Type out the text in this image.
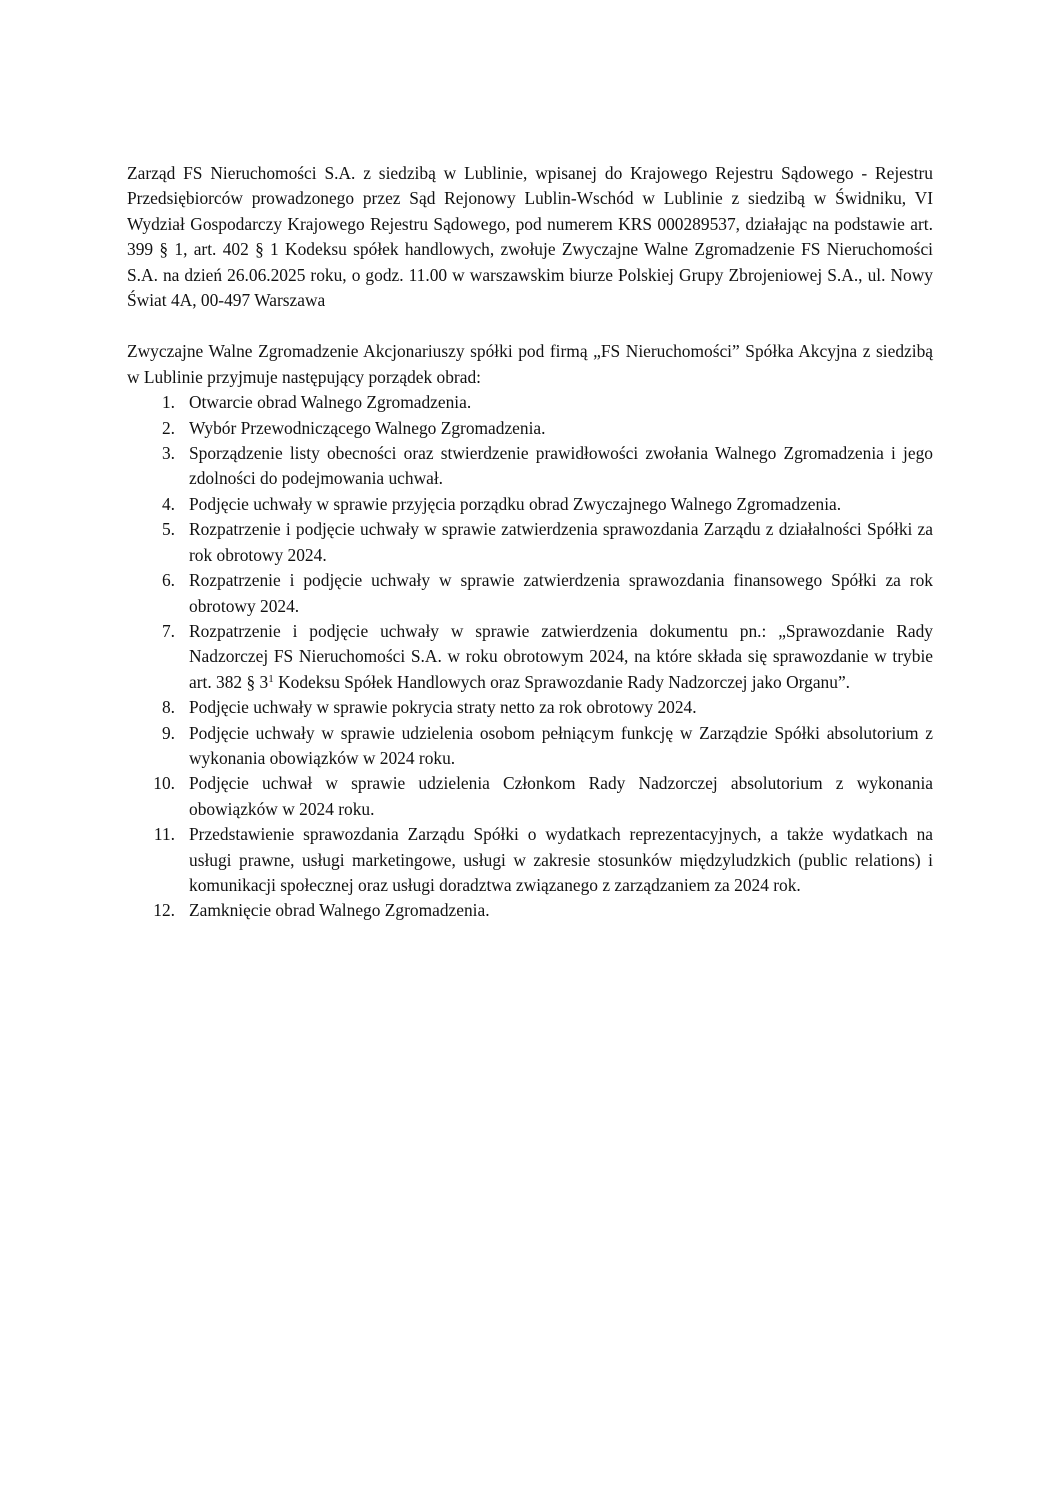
Zarząd FS Nieruchomości S.A. z siedzibą w Lublinie, wpisanej do Krajowego Rejestru Sądowego - Rejestru Przedsiębiorców prowadzonego przez Sąd Rejonowy Lublin-Wschód w Lublinie z siedzibą w Świdniku, VI Wydział Gospodarczy Krajowego Rejestru Sądowego, pod numerem KRS 000289537, działając na podstawie art. 399 § 1, art. 402 § 1 Kodeksu spółek handlowych, zwołuje Zwyczajne Walne Zgromadzenie FS Nieruchomości S.A. na dzień 26.06.2025 roku, o godz. 11.00 w warszawskim biurze Polskiej Grupy Zbrojeniowej S.A., ul. Nowy Świat 4A, 00-497 Warszawa

Zwyczajne Walne Zgromadzenie Akcjonariuszy spółki pod firmą „FS Nieruchomości” Spółka Akcyjna z siedzibą w Lublinie przyjmuje następujący porządek obrad:

1. Otwarcie obrad Walnego Zgromadzenia.
2. Wybór Przewodniczącego Walnego Zgromadzenia.
3. Sporządzenie listy obecności oraz stwierdzenie prawidłowości zwołania Walnego Zgromadzenia i jego zdolności do podejmowania uchwał.
4. Podjęcie uchwały w sprawie przyjęcia porządku obrad Zwyczajnego Walnego Zgromadzenia.
5. Rozpatrzenie i podjęcie uchwały w sprawie zatwierdzenia sprawozdania Zarządu z działalności Spółki za rok obrotowy 2024.
6. Rozpatrzenie i podjęcie uchwały w sprawie zatwierdzenia sprawozdania finansowego Spółki za rok obrotowy 2024.
7. Rozpatrzenie i podjęcie uchwały w sprawie zatwierdzenia dokumentu pn.: „Sprawozdanie Rady Nadzorczej FS Nieruchomości S.A. w roku obrotowym 2024, na które składa się sprawozdanie w trybie art. 382 § $3^1$ Kodeksu Spółek Handlowych oraz Sprawozdanie Rady Nadzorczej jako Organu”.
8. Podjęcie uchwały w sprawie pokrycia straty netto za rok obrotowy 2024.
9. Podjęcie uchwały w sprawie udzielenia osobom pełniącym funkcję w Zarządzie Spółki absolutorium z wykonania obowiązków w 2024 roku.
10. Podjęcie uchwał w sprawie udzielenia Członkom Rady Nadzorczej absolutorium z wykonania obowiązków w 2024 roku.
11. Przedstawienie sprawozdania Zarządu Spółki o wydatkach reprezentacyjnych, a także wydatkach na usługi prawne, usługi marketingowe, usługi w zakresie stosunków międzyludzkich (public relations) i komunikacji społecznej oraz usługi doradztwa związanego z zarządzaniem za 2024 rok.
12. Zamknięcie obrad Walnego Zgromadzenia.
